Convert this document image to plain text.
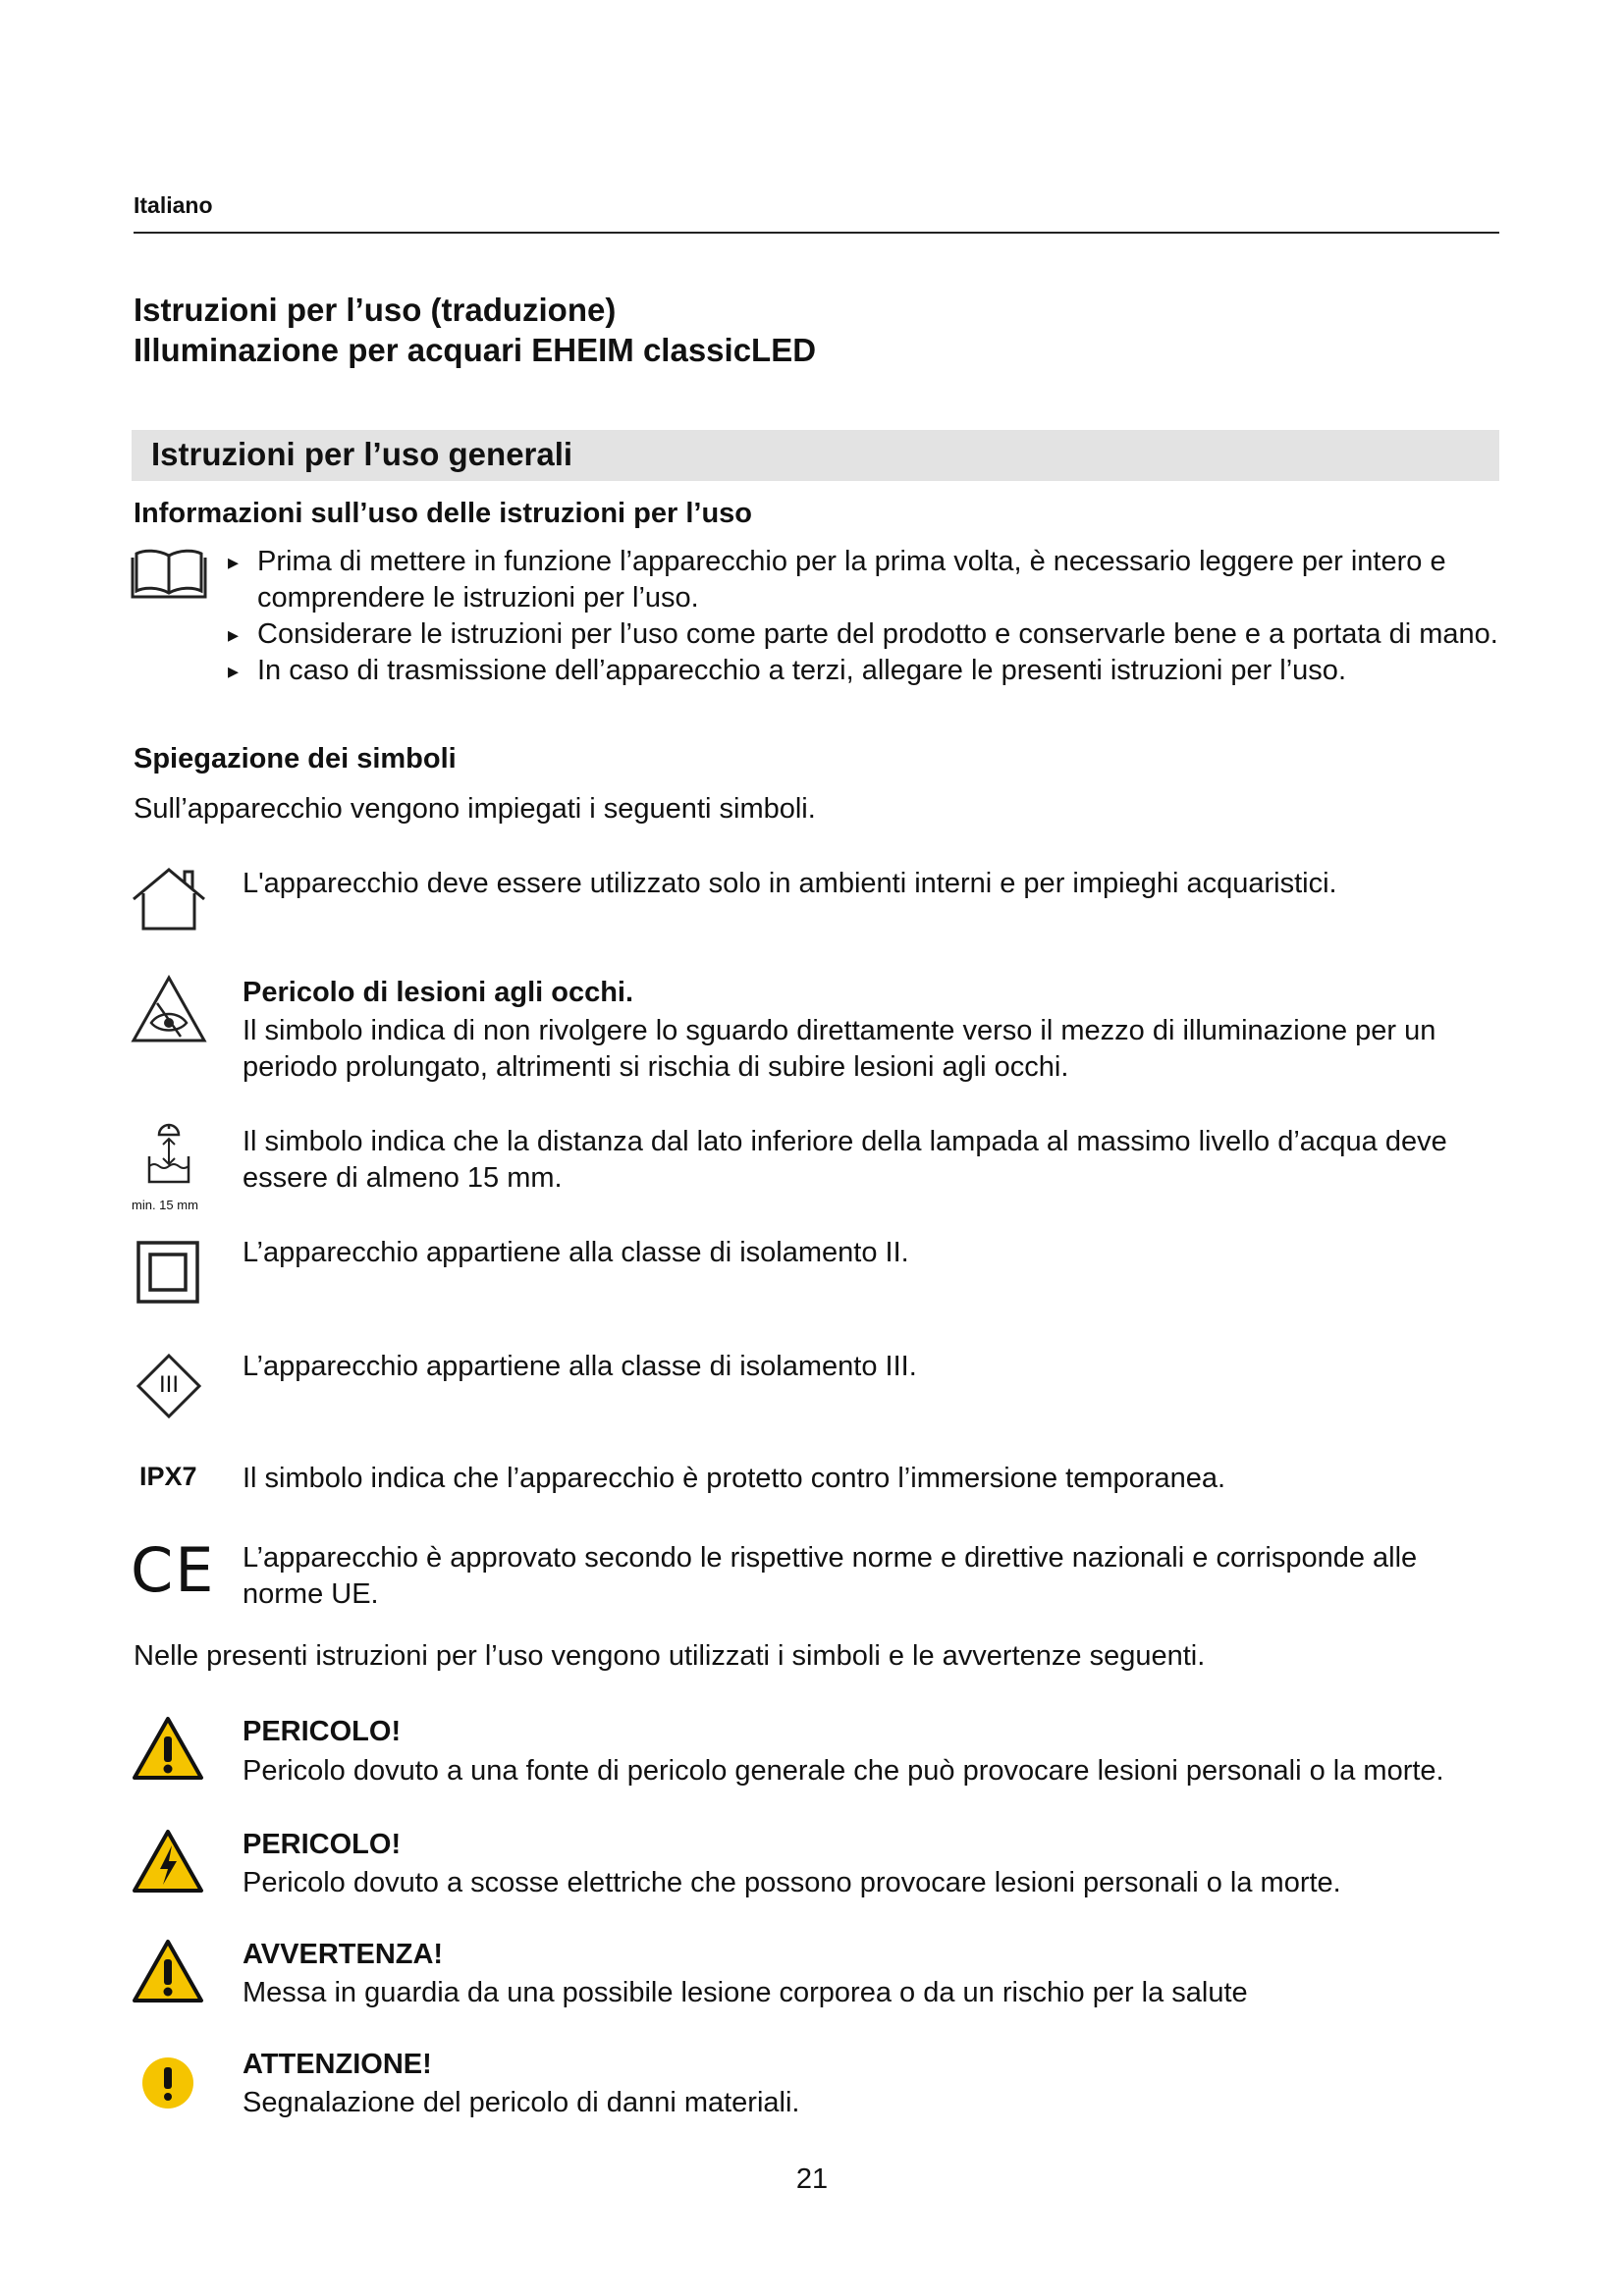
Italiano
Istruzioni per l’uso (traduzione)
Illuminazione per acquari EHEIM classicLED
Istruzioni per l’uso generali
Informazioni sull’uso delle istruzioni per l’uso
▸ Prima di mettere in funzione l’apparecchio per la prima volta, è necessario leggere per intero e comprendere le istruzioni per l’uso.
▸ Considerare le istruzioni per l’uso come parte del prodotto e conservarle bene e a portata di mano.
▸ In caso di trasmissione dell’apparecchio a terzi, allegare le presenti istruzioni per l’uso.
Spiegazione dei simboli
Sull’apparecchio vengono impiegati i seguenti simboli.
L'apparecchio deve essere utilizzato solo in ambienti interni e per impieghi acquaristici.
Pericolo di lesioni agli occhi.
Il simbolo indica di non rivolgere lo sguardo direttamente verso il mezzo di illuminazione per un periodo prolungato, altrimenti si rischia di subire lesioni agli occhi.
min. 15 mm
Il simbolo indica che la distanza dal lato inferiore della lampada al massimo livello d’acqua deve essere di almeno 15 mm.
L’apparecchio appartiene alla classe di isolamento II.
III
L’apparecchio appartiene alla classe di isolamento III.
IPX7 Il simbolo indica che l’apparecchio è protetto contro l’immersione temporanea.
CE L’apparecchio è approvato secondo le rispettive norme e direttive nazionali e corrisponde alle norme UE.
Nelle presenti istruzioni per l’uso vengono utilizzati i simboli e le avvertenze seguenti.
PERICOLO!
Pericolo dovuto a una fonte di pericolo generale che può provocare lesioni personali o la morte.
PERICOLO!
Pericolo dovuto a scosse elettriche che possono provocare lesioni personali o la morte.
AVVERTENZA!
Messa in guardia da una possibile lesione corporea o da un rischio per la salute
ATTENZIONE!
Segnalazione del pericolo di danni materiali.
21
